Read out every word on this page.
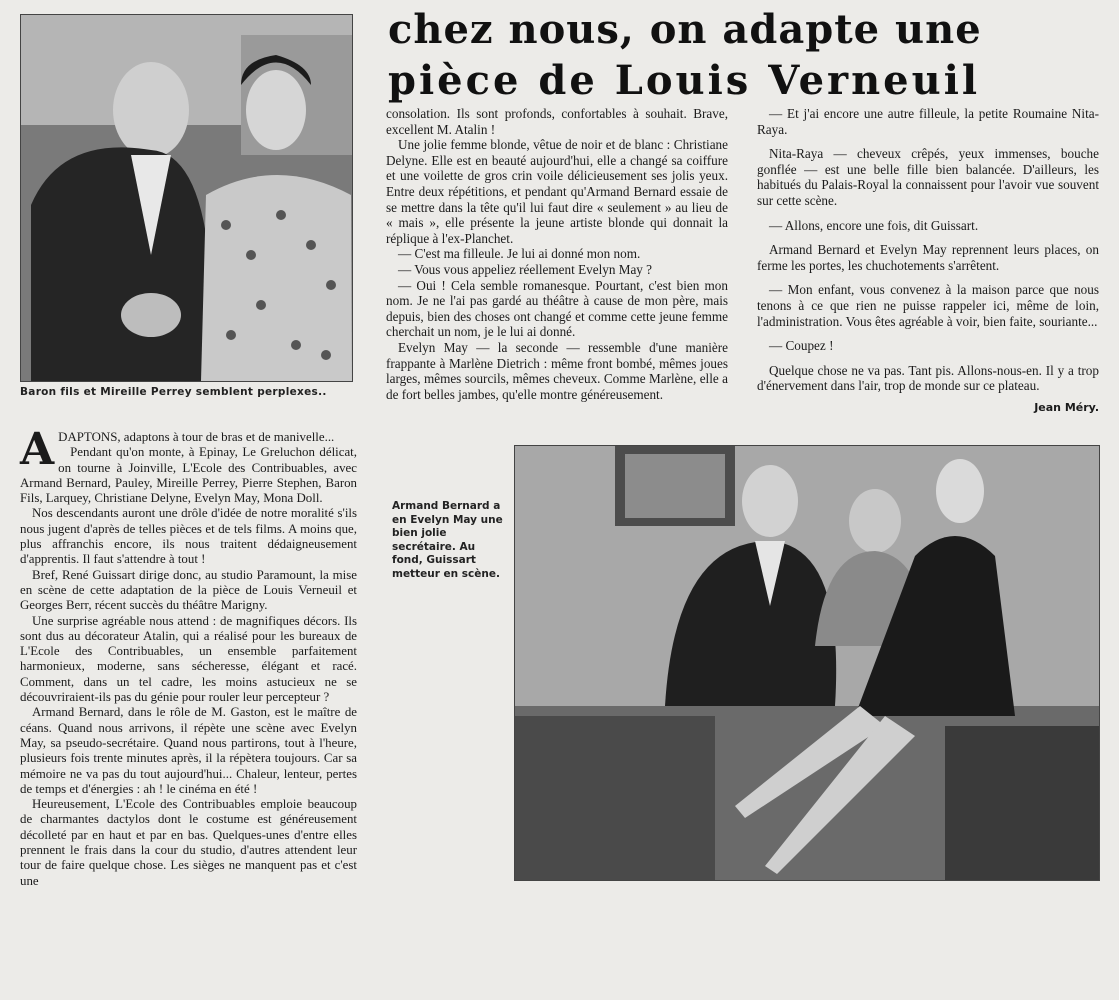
Baron fils et Mireille Perrey semblent perplexes..
chez nous, on adapte une
pièce de Louis Verneuil

consolation. Ils sont profonds, confortables à souhait. Brave, excellent M. Atalin !

Une jolie femme blonde, vêtue de noir et de blanc : Christiane Delyne. Elle est en beauté aujourd'hui, elle a changé sa coiffure et une voilette de gros crin voile délicieusement ses jolis yeux. Entre deux répétitions, et pendant qu'Armand Bernard essaie de se mettre dans la tête qu'il lui faut dire « seulement » au lieu de « mais », elle présente la jeune artiste blonde qui donnait la réplique à l'ex-Planchet.

— C'est ma filleule. Je lui ai donné mon nom.

— Vous vous appeliez réellement Evelyn May ?

— Oui ! Cela semble romanesque. Pourtant, c'est bien mon nom. Je ne l'ai pas gardé au théâtre à cause de mon père, mais depuis, bien des choses ont changé et comme cette jeune femme cherchait un nom, je le lui ai donné.

Evelyn May — la seconde — ressemble d'une manière frappante à Marlène Dietrich : même front bombé, mêmes joues larges, mêmes sourcils, mêmes cheveux. Comme Marlène, elle a de fort belles jambes, qu'elle montre généreusement.

— Et j'ai encore une autre filleule, la petite Roumaine Nita-Raya.

Nita-Raya — cheveux crêpés, yeux immenses, bouche gonflée — est une belle fille bien balancée. D'ailleurs, les habitués du Palais-Royal la connaissent pour l'avoir vue souvent sur cette scène.

— Allons, encore une fois, dit Guissart.

Armand Bernard et Evelyn May reprennent leurs places, on ferme les portes, les chuchotements s'arrêtent.

— Mon enfant, vous convenez à la maison parce que nous tenons à ce que rien ne puisse rappeler ici, même de loin, l'administration. Vous êtes agréable à voir, bien faite, souriante...

— Coupez !

Quelque chose ne va pas. Tant pis. Allons-nous-en. Il y a trop d'énervement dans l'air, trop de monde sur ce plateau.

Jean Méry.

ADAPTONS, adaptons à tour de bras et de manivelle...

Pendant qu'on monte, à Epinay, Le Greluchon délicat, on tourne à Joinville, L'Ecole des Contribuables, avec Armand Bernard, Pauley, Mireille Perrey, Pierre Stephen, Baron Fils, Larquey, Christiane Delyne, Evelyn May, Mona Doll.

Nos descendants auront une drôle d'idée de notre moralité s'ils nous jugent d'après de telles pièces et de tels films. A moins que, plus affranchis encore, ils nous traitent dédaigneusement d'apprentis. Il faut s'attendre à tout !

Bref, René Guissart dirige donc, au studio Paramount, la mise en scène de cette adaptation de la pièce de Louis Verneuil et Georges Berr, récent succès du théâtre Marigny.

Une surprise agréable nous attend : de magnifiques décors. Ils sont dus au décorateur Atalin, qui a réalisé pour les bureaux de L'Ecole des Contribuables, un ensemble parfaitement harmonieux, moderne, sans sécheresse, élégant et racé. Comment, dans un tel cadre, les moins astucieux ne se découvriraient-ils pas du génie pour rouler leur percepteur ?

Armand Bernard, dans le rôle de M. Gaston, est le maître de céans. Quand nous arrivons, il répète une scène avec Evelyn May, sa pseudo-secrétaire. Quand nous partirons, tout à l'heure, plusieurs fois trente minutes après, il la répètera toujours. Car sa mémoire ne va pas du tout aujourd'hui... Chaleur, lenteur, pertes de temps et d'énergies : ah ! le cinéma en été !

Heureusement, L'Ecole des Contribuables emploie beaucoup de charmantes dactylos dont le costume est généreusement décolleté par en haut et par en bas. Quelques-unes d'entre elles prennent le frais dans la cour du studio, d'autres attendent leur tour de faire quelque chose. Les sièges ne manquent pas et c'est une

Armand Bernard a en Evelyn May une bien jolie secrétaire. Au fond, Guissart metteur en scène.
